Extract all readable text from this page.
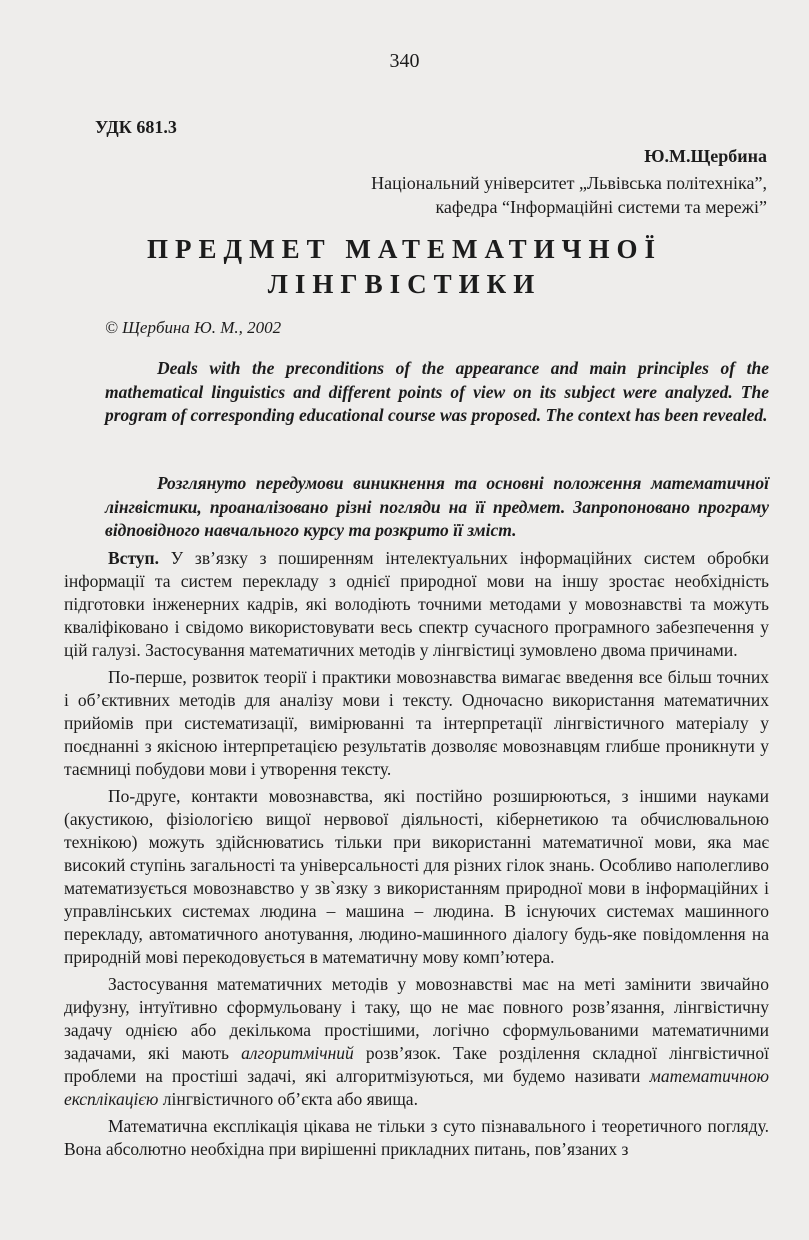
340
УДК 681.3
Ю.М.Щербина
Національний університет „Львівська політехніка”,
кафедра “Інформаційні системи та мережі”
ПРЕДМЕТ МАТЕМАТИЧНОЇ
ЛІНГВІСТИКИ
© Щербина Ю. М., 2002

Deals with the preconditions of the appearance and main principles of the mathematical linguistics and different points of view on its subject were analyzed. The program of corresponding educational course was proposed. The context has been revealed.

Розглянуто передумови виникнення та основні положення математичної лінгвістики, проаналізовано різні погляди на її предмет. Запропоновано програму відповідного навчального курсу та розкрито її зміст.

Вступ. У зв’язку з поширенням інтелектуальних інформаційних систем обробки інформації та систем перекладу з однієї природної мови на іншу зростає необхідність підготовки інженерних кадрів, які володіють точними методами у мовознавстві та можуть кваліфіковано і свідомо використовувати весь спектр сучасного програмного забезпечення у цій галузі. Застосування математичних методів у лінгвістиці зумовлено двома причинами.

По-перше, розвиток теорії і практики мовознавства вимагає введення все більш точних і об’єктивних методів для аналізу мови і тексту. Одночасно використання математичних прийомів при систематизації, вимірюванні та інтерпретації лінгвістичного матеріалу у поєднанні з якісною інтерпретацією результатів дозволяє мовознавцям глибше проникнути у таємниці побудови мови і утворення тексту.

По-друге, контакти мовознавства, які постійно розширюються, з іншими науками (акустикою, фізіологією вищої нервової діяльності, кібернетикою та обчислювальною технікою) можуть здійснюватись тільки при використанні математичної мови, яка має високий ступінь загальності та універсальності для різних гілок знань. Особливо наполегливо математизується мовознавство у зв`язку з використанням природної мови в інформаційних і управлінських системах людина – машина – людина. В існуючих системах машинного перекладу, автоматичного анотування, людино-машинного діалогу будь-яке повідомлення на природній мові перекодовується в математичну мову комп’ютера.

Застосування математичних методів у мовознавстві має на меті замінити звичайно дифузну, інтуїтивно сформульовану і таку, що не має повного розв’язання, лінгвістичну задачу однією або декількома простішими, логічно сформульованими математичними задачами, які мають алгоритмічний розв’язок. Таке розділення складної лінгвістичної проблеми на простіші задачі, які алгоритмізуються, ми будемо називати математичною експлікацією лінгвістичного об’єкта або явища.

Математична експлікація цікава не тільки з суто пізнавального і теоретичного погляду. Вона абсолютно необхідна при вирішенні прикладних питань, пов’язаних з
